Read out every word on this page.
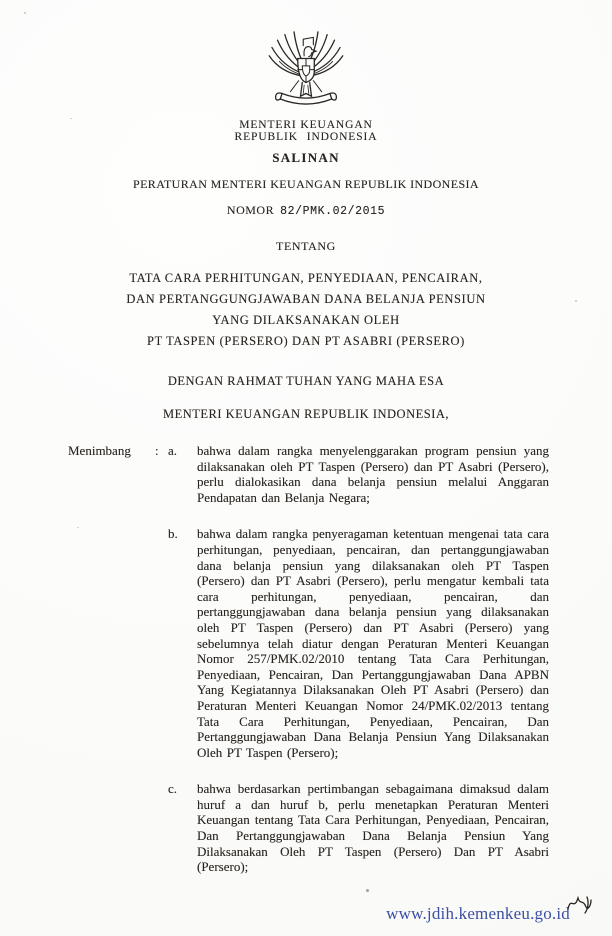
MENTERI KEUANGAN
REPUBLIK INDONESIA
SALINAN
PERATURAN MENTERI KEUANGAN REPUBLIK INDONESIA
NOMOR 82/PMK.02/2015
TENTANG
TATA CARA PERHITUNGAN, PENYEDIAAN, PENCAIRAN,
DAN PERTANGGUNGJAWABAN DANA BELANJA PENSIUN
YANG DILAKSANAKAN OLEH
PT TASPEN (PERSERO) DAN PT ASABRI (PERSERO)
DENGAN RAHMAT TUHAN YANG MAHA ESA
MENTERI KEUANGAN REPUBLIK INDONESIA,
Menimbang	: a.	bahwa dalam rangka menyelenggarakan program pensiun yang dilaksanakan oleh PT Taspen (Persero) dan PT Asabri (Persero), perlu dialokasikan dana belanja pensiun melalui Anggaran Pendapatan dan Belanja Negara;

b.	bahwa dalam rangka penyeragaman ketentuan mengenai tata cara perhitungan, penyediaan, pencairan, dan pertanggungjawaban dana belanja pensiun yang dilaksanakan oleh PT Taspen (Persero) dan PT Asabri (Persero), perlu mengatur kembali tata cara perhitungan, penyediaan, pencairan, dan pertanggungjawaban dana belanja pensiun yang dilaksanakan oleh PT Taspen (Persero) dan PT Asabri (Persero) yang sebelumnya telah diatur dengan Peraturan Menteri Keuangan Nomor 257/PMK.02/2010 tentang Tata Cara Perhitungan, Penyediaan, Pencairan, Dan Pertanggungjawaban Dana APBN Yang Kegiatannya Dilaksanakan Oleh PT Asabri (Persero) dan Peraturan Menteri Keuangan Nomor 24/PMK.02/2013 tentang Tata Cara Perhitungan, Penyediaan, Pencairan, Dan Pertanggungjawaban Dana Belanja Pensiun Yang Dilaksanakan Oleh PT Taspen (Persero);

c.	bahwa berdasarkan pertimbangan sebagaimana dimaksud dalam huruf a dan huruf b, perlu menetapkan Peraturan Menteri Keuangan tentang Tata Cara Perhitungan, Penyediaan, Pencairan, Dan Pertanggungjawaban Dana Belanja Pensiun Yang Dilaksanakan Oleh PT Taspen (Persero) Dan PT Asabri (Persero);

www.jdih.kemenkeu.go.id
